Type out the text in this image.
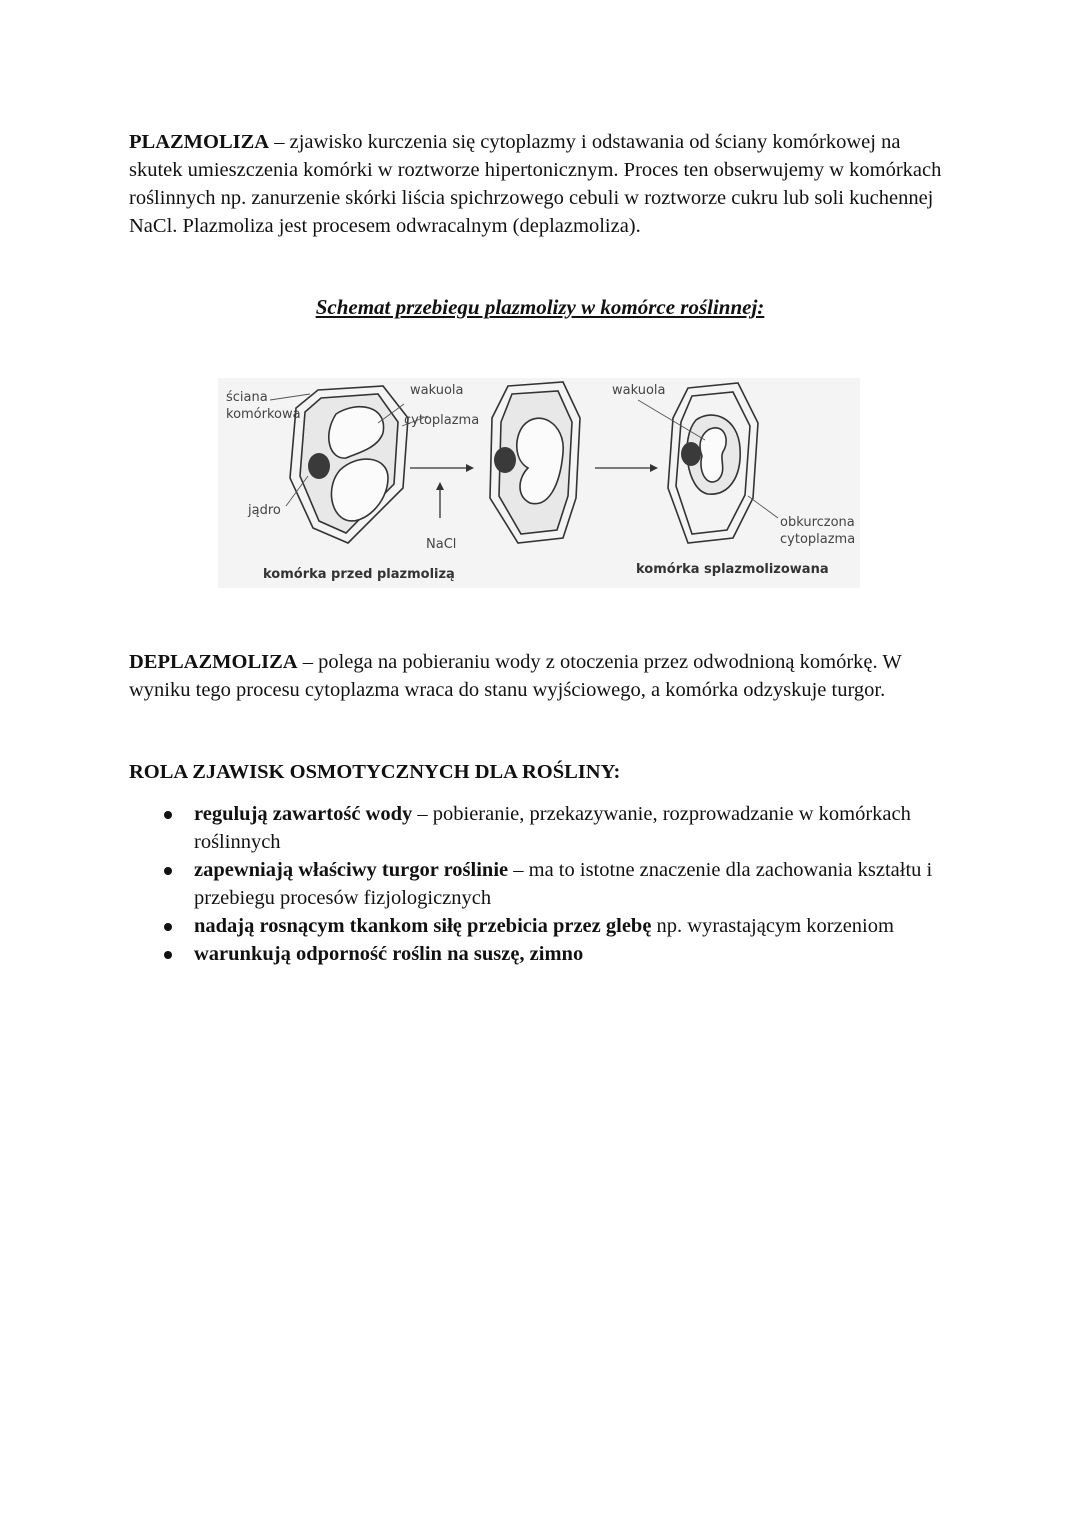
PLAZMOLIZA – zjawisko kurczenia się cytoplazmy i odstawania od ściany komórkowej na skutek umieszczenia komórki w roztworze hipertonicznym. Proces ten obserwujemy w komórkach roślinnych np. zanurzenie skórki liścia spichrzowego cebuli w roztworze cukru lub soli kuchennej NaCl. Plazmoliza jest procesem odwracalnym (deplazmoliza).

Schemat przebiegu plazmolizy w komórce roślinnej:

ściana
komórkowa
wakuola
cytoplazma
jądro
NaCl
wakuola
obkurczona
cytoplazma
komórka przed plazmolizą	komórka splazmolizowana

DEPLAZMOLIZA – polega na pobieraniu wody z otoczenia przez odwodnioną komórkę. W wyniku tego procesu cytoplazma wraca do stanu wyjściowego, a komórka odzyskuje turgor.

ROLA ZJAWISK OSMOTYCZNYCH DLA ROŚLINY:
regulują zawartość wody – pobieranie, przekazywanie, rozprowadzanie w komórkach roślinnych
zapewniają właściwy turgor roślinie – ma to istotne znaczenie dla zachowania kształtu i przebiegu procesów fizjologicznych
nadają rosnącym tkankom siłę przebicia przez glebę np. wyrastającym korzeniom
warunkują odporność roślin na suszę, zimno
